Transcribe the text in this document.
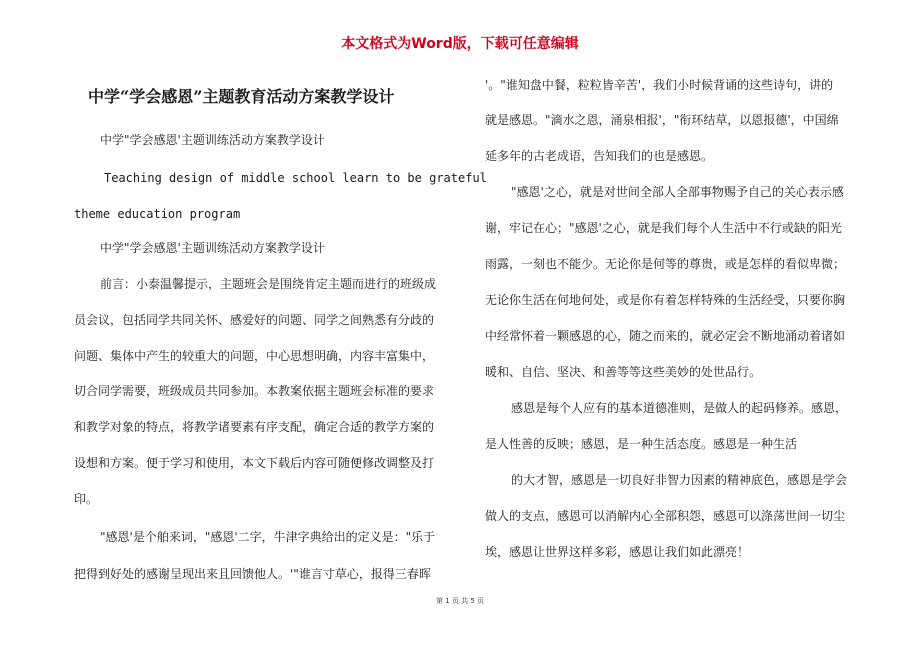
本文格式为Word版，下载可任意编辑
中学“学会感恩”主题教育活动方案教学设计
中学"学会感恩'主题训练活动方案教学设计
Teaching design of middle school learn to be grateful
theme education program
中学"学会感恩'主题训练活动方案教学设计
前言：小泰温馨提示，主题班会是围绕肯定主题而进行的班级成
员会议，包括同学共同关怀、感爱好的问题、同学之间熟悉有分歧的
问题、集体中产生的较重大的问题，中心思想明确，内容丰富集中，
切合同学需要，班级成员共同参加。本教案依据主题班会标准的要求
和教学对象的特点，将教学诸要素有序支配，确定合适的教学方案的
设想和方案。便于学习和使用，本文下载后内容可随便修改调整及打
印。
"感恩'是个舶来词，"感恩'二字，牛津字典给出的定义是："乐于
把得到好处的感谢呈现出来且回馈他人。'"谁言寸草心，报得三春晖
'。"谁知盘中餐，粒粒皆辛苦'，我们小时候背诵的这些诗句，讲的
就是感恩。"滴水之恩，涌泉相报'，"衔环结草，以恩报德'，中国绵
延多年的古老成语，告知我们的也是感恩。
"感恩'之心，就是对世间全部人全部事物赐予自己的关心表示感
谢，牢记在心；"感恩'之心，就是我们每个人生活中不行或缺的阳光
雨露，一刻也不能少。无论你是何等的尊贵，或是怎样的看似卑微；
无论你生活在何地何处，或是你有着怎样特殊的生活经受，只要你胸
中经常怀着一颗感恩的心，随之而来的，就必定会不断地涌动着诸如
暖和、自信、坚决、和善等等这些美妙的处世品行。
感恩是每个人应有的基本道德准则，是做人的起码修养。感恩，
是人性善的反映；感恩，是一种生活态度。感恩是一种生活
的大才智，感恩是一切良好非智力因素的精神底色，感恩是学会
做人的支点，感恩可以消解内心全部积怨，感恩可以涤荡世间一切尘
埃，感恩让世界这样多彩，感恩让我们如此漂亮！
第 1 页 共 5 页
